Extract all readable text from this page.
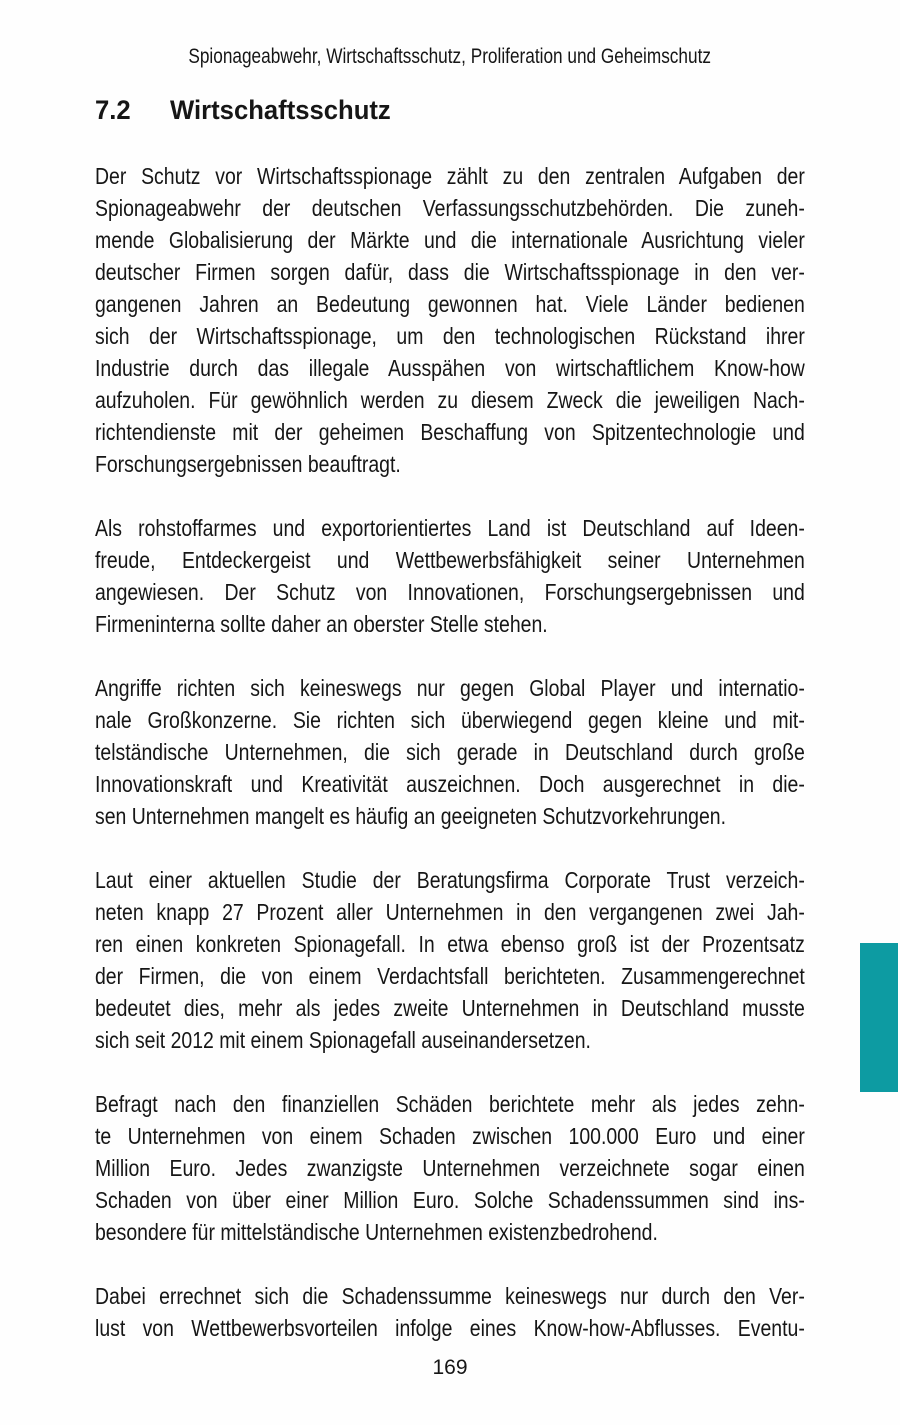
Spionageabwehr, Wirtschaftsschutz, Proliferation und Geheimschutz
7.2	Wirtschaftsschutz
Der Schutz vor Wirtschaftsspionage zählt zu den zentralen Aufgaben der
Spionageabwehr der deutschen Verfassungsschutzbehörden. Die zuneh-
mende Globalisierung der Märkte und die internationale Ausrichtung vieler
deutscher Firmen sorgen dafür, dass die Wirtschaftsspionage in den ver-
gangenen Jahren an Bedeutung gewonnen hat. Viele Länder bedienen
sich der Wirtschaftsspionage, um den technologischen Rückstand ihrer
Industrie durch das illegale Ausspähen von wirtschaftlichem Know-how
aufzuholen. Für gewöhnlich werden zu diesem Zweck die jeweiligen Nach-
richtendienste mit der geheimen Beschaffung von Spitzentechnologie und
Forschungsergebnissen beauftragt.
Als rohstoffarmes und exportorientiertes Land ist Deutschland auf Ideen-
freude, Entdeckergeist und Wettbewerbsfähigkeit seiner Unternehmen
angewiesen. Der Schutz von Innovationen, Forschungsergebnissen und
Firmeninterna sollte daher an oberster Stelle stehen.
Angriffe richten sich keineswegs nur gegen Global Player und internatio-
nale Großkonzerne. Sie richten sich überwiegend gegen kleine und mit-
telständische Unternehmen, die sich gerade in Deutschland durch große
Innovationskraft und Kreativität auszeichnen. Doch ausgerechnet in die-
sen Unternehmen mangelt es häufig an geeigneten Schutzvorkehrungen.
Laut einer aktuellen Studie der Beratungsfirma Corporate Trust verzeich-
neten knapp 27 Prozent aller Unternehmen in den vergangenen zwei Jah-
ren einen konkreten Spionagefall. In etwa ebenso groß ist der Prozentsatz
der Firmen, die von einem Verdachtsfall berichteten. Zusammengerechnet
bedeutet dies, mehr als jedes zweite Unternehmen in Deutschland musste
sich seit 2012 mit einem Spionagefall auseinandersetzen.
Befragt nach den finanziellen Schäden berichtete mehr als jedes zehn-
te Unternehmen von einem Schaden zwischen 100.000 Euro und einer
Million Euro. Jedes zwanzigste Unternehmen verzeichnete sogar einen
Schaden von über einer Million Euro. Solche Schadenssummen sind ins-
besondere für mittelständische Unternehmen existenzbedrohend.
Dabei errechnet sich die Schadenssumme keineswegs nur durch den Ver-
lust von Wettbewerbsvorteilen infolge eines Know-how-Abflusses. Eventu-
169
